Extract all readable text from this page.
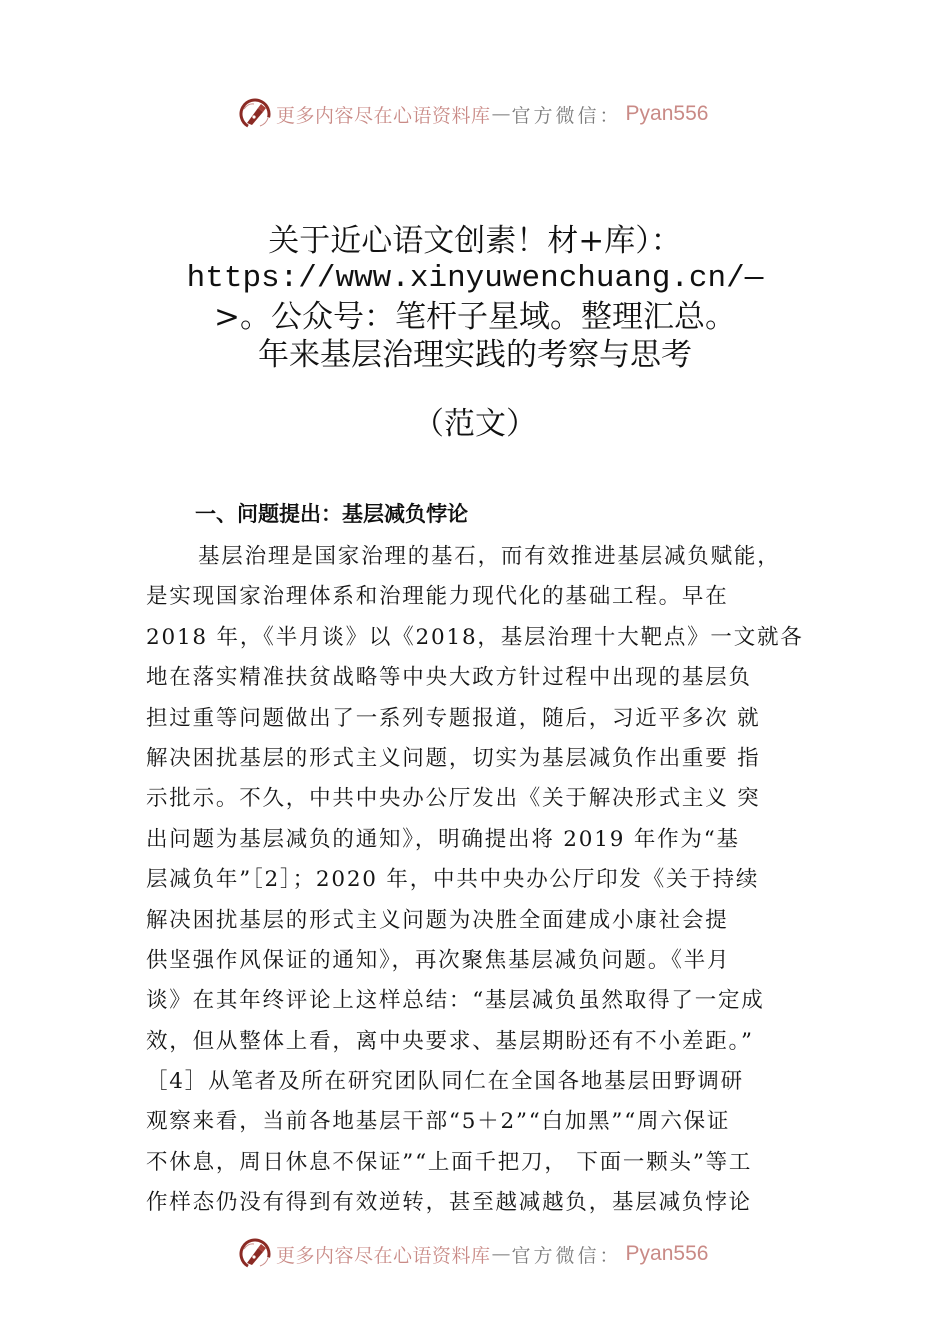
更多内容尽在心语资料库 — 官方微信： Pyan556
关于近心语文创素！材+库）：
https://www.xinyuwenchuang.cn/—
>。公众号：笔杆子星域。整理汇总。
年来基层治理实践的考察与思考
（范文）
一、问题提出：基层减负悖论
基层治理是国家治理的基石，而有效推进基层减负赋能，
是实现国家治理体系和治理能力现代化的基础工程。早在
2018 年，《半月谈》以《2018，基层治理十大靶点》一文就各
地在落实精准扶贫战略等中央大政方针过程中出现的基层负
担过重等问题做出了一系列专题报道，随后，习近平多次 就
解决困扰基层的形式主义问题，切实为基层减负作出重要 指
示批示。不久，中共中央办公厅发出《关于解决形式主义 突
出问题为基层减负的通知》，明确提出将 2019 年作为“基
层减负年”［2］；2020 年，中共中央办公厅印发《关于持续
解决困扰基层的形式主义问题为决胜全面建成小康社会提
供坚强作风保证的通知》，再次聚焦基层减负问题。《半月
谈》在其年终评论上这样总结：“基层减负虽然取得了一定成
效，但从整体上看，离中央要求、基层期盼还有不小差距。”
［4］从笔者及所在研究团队同仁在全国各地基层田野调研
观察来看，当前各地基层干部“5＋2”“白加黑”“周六保证
不休息，周日休息不保证”“上面千把刀， 下面一颗头”等工
作样态仍没有得到有效逆转，甚至越减越负，基层减负悖论
更多内容尽在心语资料库 — 官方微信： Pyan556
